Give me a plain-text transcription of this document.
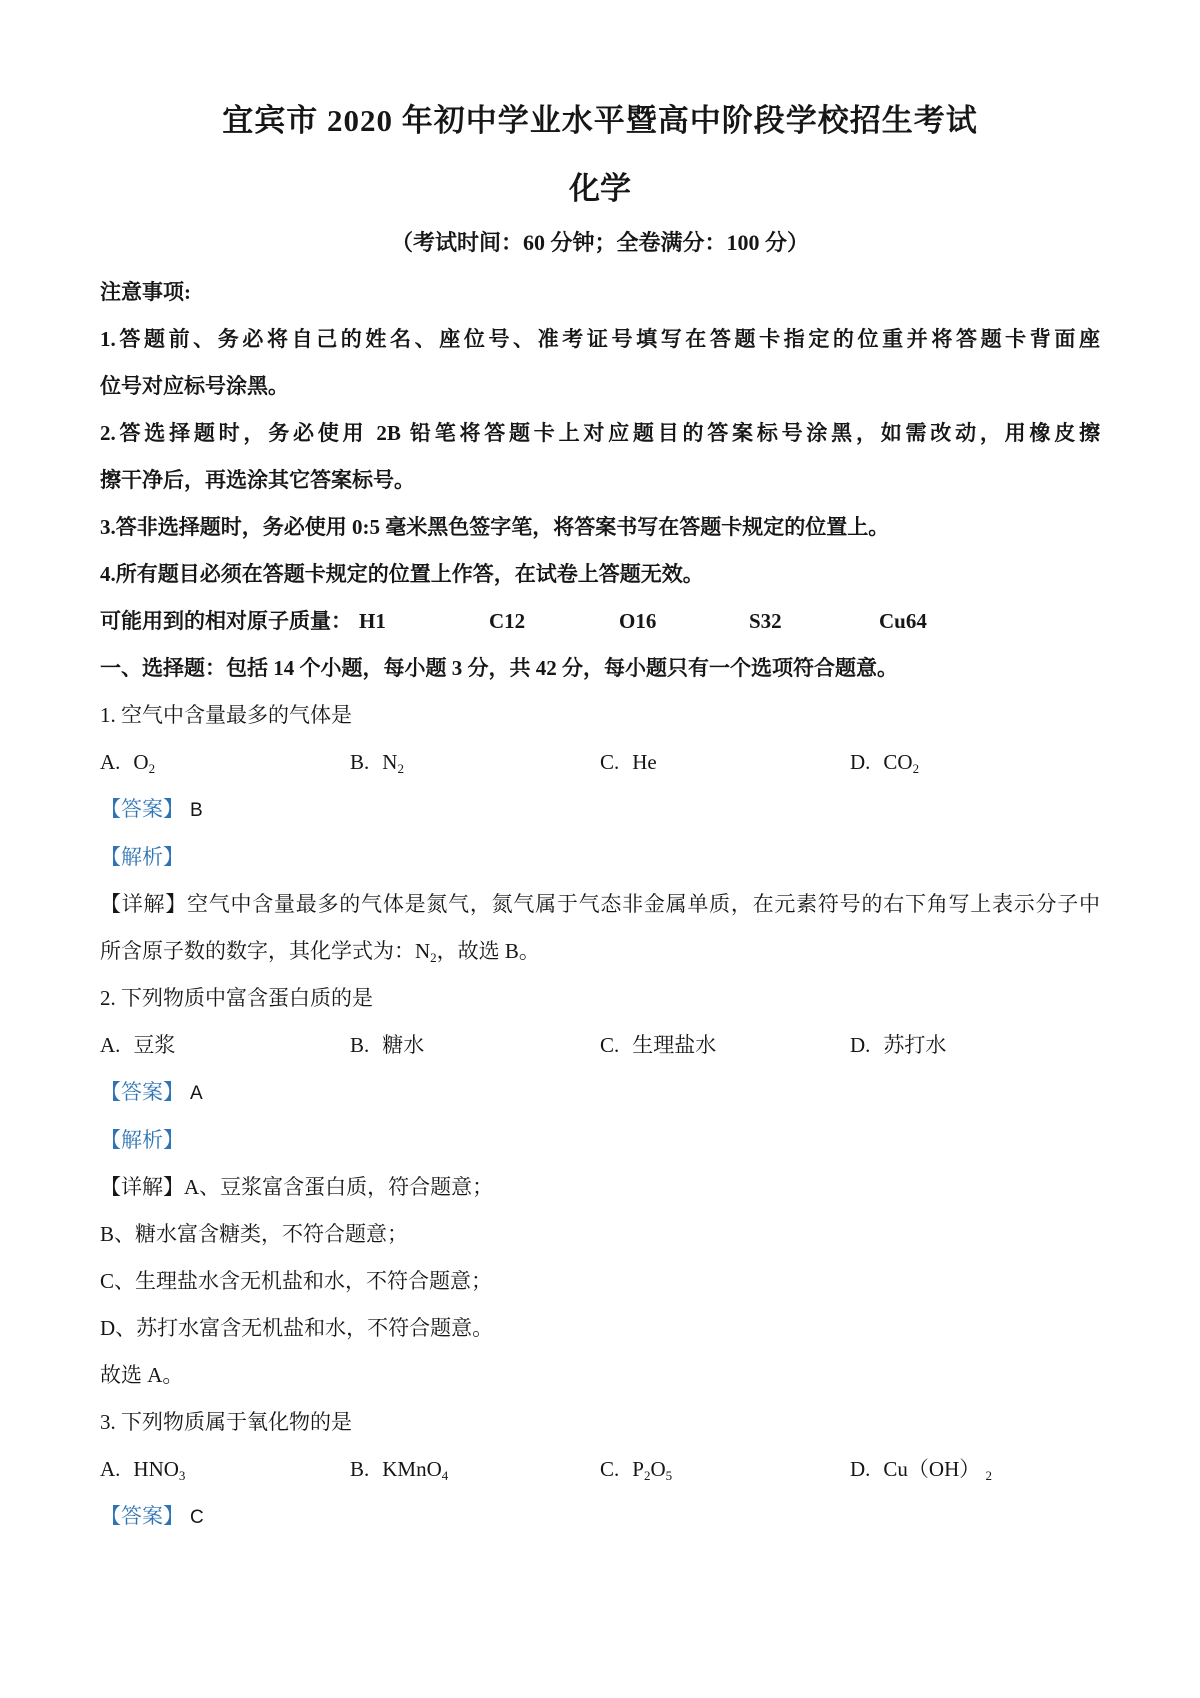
宜宾市 2020 年初中学业水平暨高中阶段学校招生考试
化学
（考试时间：60 分钟；全卷满分：100 分）
注意事项:
1.答题前、务必将自己的姓名、座位号、准考证号填写在答题卡指定的位重并将答题卡背面座
位号对应标号涂黑。
2.答选择题时，务必使用 2B 铅笔将答题卡上对应题目的答案标号涂黑，如需改动，用橡皮擦
擦干净后，再选涂其它答案标号。
3.答非选择题时，务必使用 0:5 毫米黑色签字笔，将答案书写在答题卡规定的位置上。
4.所有题目必须在答题卡规定的位置上作答，在试卷上答题无效。
可能用到的相对原子质量： H1	C12	O16	S32	Cu64
一、选择题：包括 14 个小题，每小题 3 分，共 42 分，每小题只有一个选项符合题意。
1. 空气中含量最多的气体是
A. $O_2$	B. $N_2$	C. He	D. $CO_2$
【答案】 B
【解析】
【详解】空气中含量最多的气体是氮气，氮气属于气态非金属单质，在元素符号的右下角写上表示分子中
所含原子数的数字，其化学式为：$N_2$，故选 B。
2. 下列物质中富含蛋白质的是
A. 豆浆	B. 糖水	C. 生理盐水	D. 苏打水
【答案】 A
【解析】
【详解】A、豆浆富含蛋白质，符合题意；
B、糖水富含糖类，不符合题意；
C、生理盐水含无机盐和水，不符合题意；
D、苏打水富含无机盐和水，不符合题意。
故选 A。
3. 下列物质属于氧化物的是
A. $HNO_3$	B. KMnO$_4$	C. $P_2O_5$	D. Cu（OH） $_2$
【答案】 C
